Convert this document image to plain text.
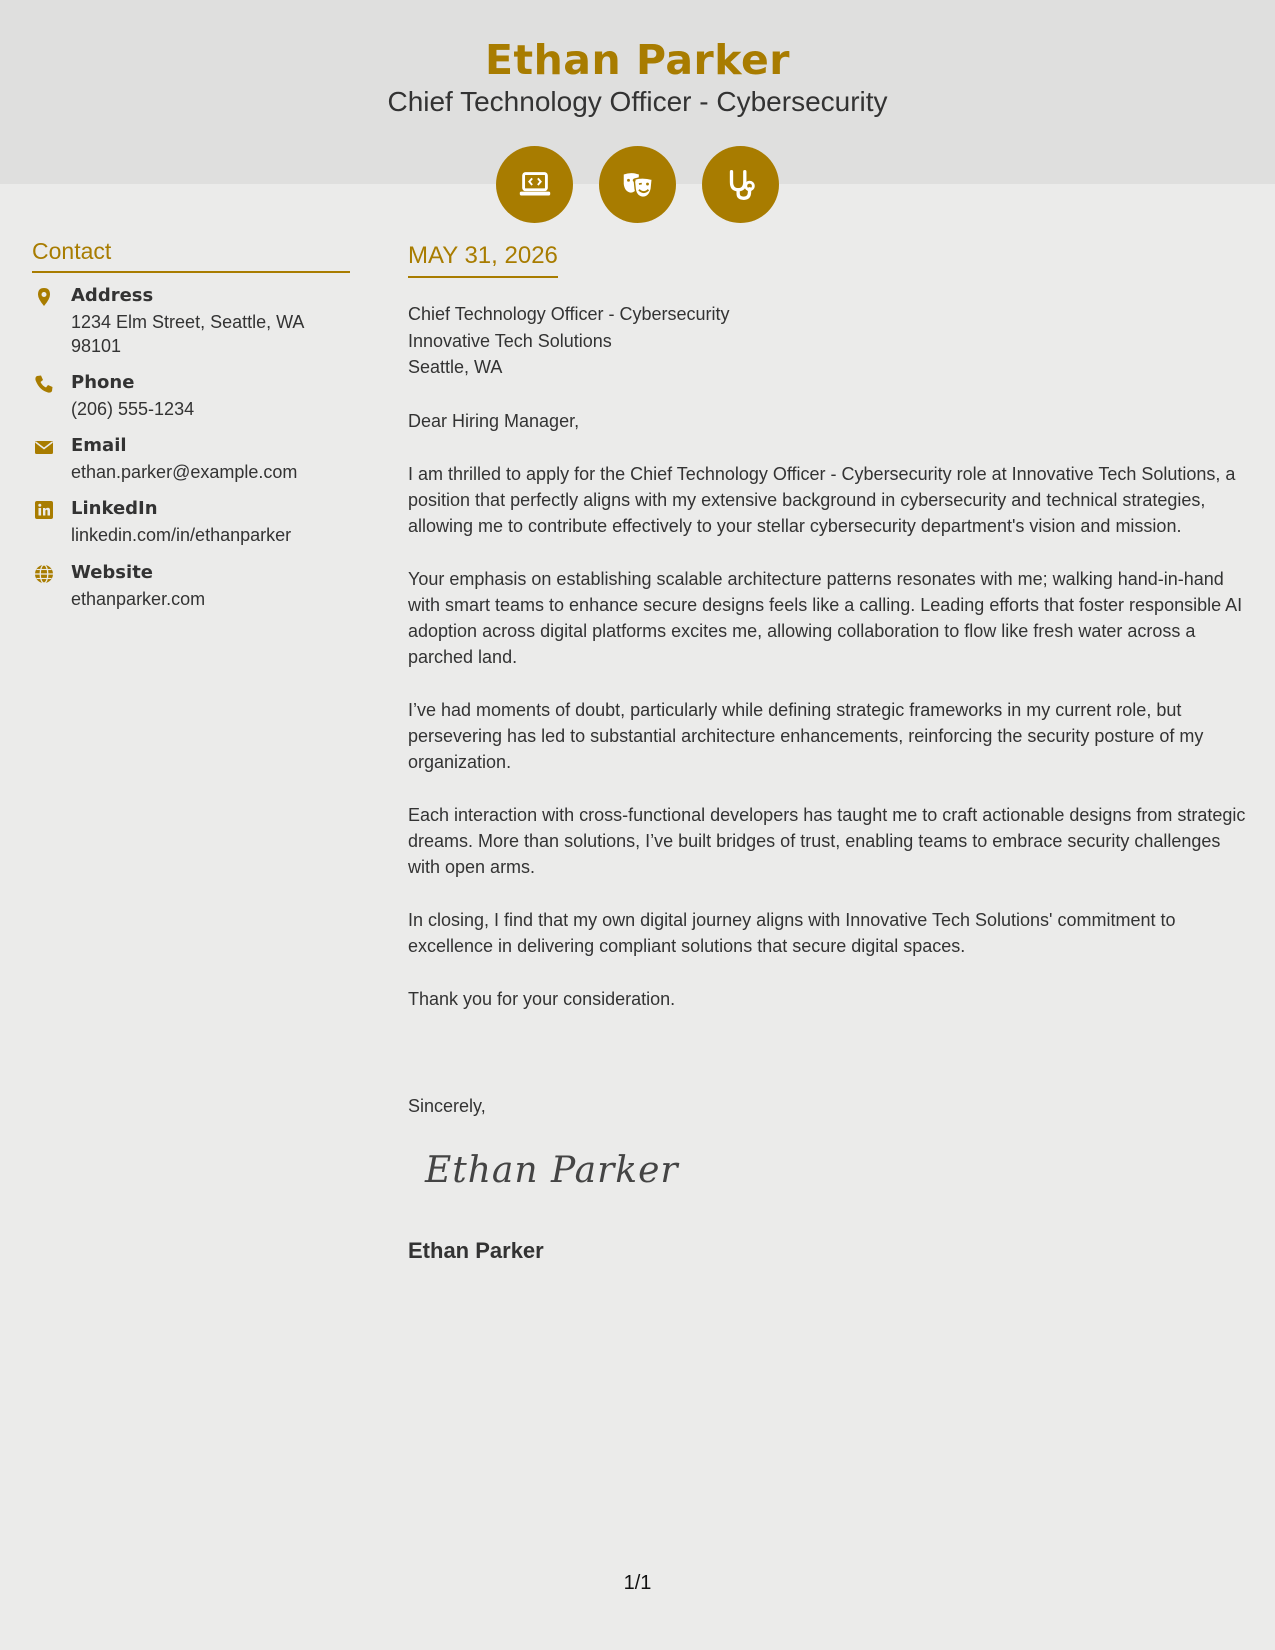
Ethan Parker
Chief Technology Officer - Cybersecurity
Contact
Address
1234 Elm Street, Seattle, WA 98101
Phone
(206) 555-1234
Email
ethan.parker@example.com
LinkedIn
linkedin.com/in/ethanparker
Website
ethanparker.com
MAY 31, 2026
Chief Technology Officer - Cybersecurity
Innovative Tech Solutions
Seattle, WA

Dear Hiring Manager,

I am thrilled to apply for the Chief Technology Officer - Cybersecurity role at Innovative Tech Solutions, a position that perfectly aligns with my extensive background in cybersecurity and technical strategies, allowing me to contribute effectively to your stellar cybersecurity department's vision and mission.

Your emphasis on establishing scalable architecture patterns resonates with me; walking hand-in-hand with smart teams to enhance secure designs feels like a calling. Leading efforts that foster responsible AI adoption across digital platforms excites me, allowing collaboration to flow like fresh water across a parched land.

I’ve had moments of doubt, particularly while defining strategic frameworks in my current role, but persevering has led to substantial architecture enhancements, reinforcing the security posture of my organization.

Each interaction with cross-functional developers has taught me to craft actionable designs from strategic dreams. More than solutions, I’ve built bridges of trust, enabling teams to embrace security challenges with open arms.

In closing, I find that my own digital journey aligns with Innovative Tech Solutions' commitment to excellence in delivering compliant solutions that secure digital spaces.

Thank you for your consideration.

Sincerely,
Ethan Parker
Ethan Parker
1/1
